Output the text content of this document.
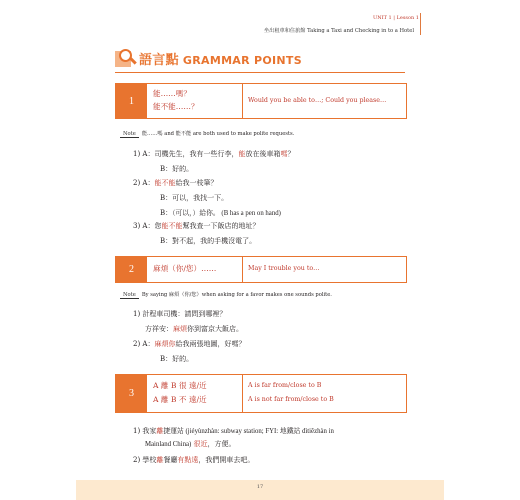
UNIT 1 | Lesson 1
坐出租車和住旅館 Taking a Taxi and Checking in to a Hotel
語言點 GRAMMAR POINTS
1
能……嗎？
能不能……？
Would you be able to…; Could you please…
Note 能……嗎 and 能不能 are both used to make polite requests.
1) A：司機先生，我有一些行李，能放在後車箱嗎？
B：好的。
2) A：能不能給我一枝筆？
B：可以，我找一下。
B：（可以，）給你。 (B has a pen on hand)
3) A：您能不能幫我查一下飯店的地址？
B：對不起，我的手機沒電了。
2	麻煩（你/您）……	May I trouble you to…
Note By saying 麻煩（你/您）when asking for a favor makes one sounds polite.
1) 計程車司機：請問到哪裡？
方祥安：麻煩你到富京大飯店。
2) A：麻煩你給我兩張地圖，好嗎？
B：好的。
3
A 離 B 很 遠/近
A 離 B 不 遠/近
A is far from/close to B
A is not far from/close to B
1) 我家離捷運站 (jiéyùnzhàn: subway station; FYI: 地鐵站 dìtiězhàn in
Mainland China) 很近，方便。
2) 學校離餐廳有點遠，我們開車去吧。
17
